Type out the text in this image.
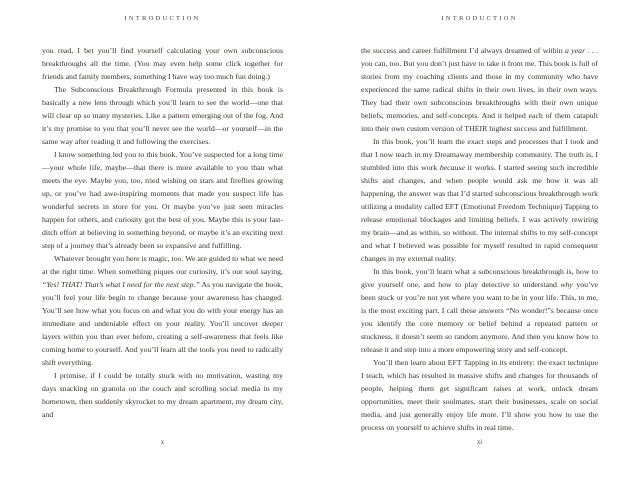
INTRODUCTION

you read, I bet you’ll find yourself calculating your own subconscious breakthroughs all the time. (You may even help some click together for friends and family members, something I have way too much fun doing.)

The Subconscious Breakthrough Formula presented in this book is basically a new lens through which you’ll learn to see the world—one that will clear up so many mysteries. Like a pattern emerging out of the fog. And it’s my promise to you that you’ll never see the world—or yourself—in the same way after reading it and following the exercises.

I know something led you to this book. You’ve suspected for a long time—your whole life, maybe—that there is more available to you than what meets the eye. Maybe you, too, tried wishing on stars and fireflies growing up, or you’ve had awe-inspiring moments that made you suspect life has wonderful secrets in store for you. Or maybe you’ve just seen miracles happen for others, and curiosity got the best of you. Maybe this is your last-ditch effort at believing in something beyond, or maybe it’s an exciting next step of a journey that’s already been so expansive and fulfilling.

Whatever brought you here is magic, too. We are guided to what we need at the right time. When something piques our curiosity, it’s our soul saying, “Yes! THAT! That’s what I need for the next step.” As you navigate the book, you’ll feel your life begin to change because your awareness has changed. You’ll see how what you focus on and what you do with your energy has an immediate and undeniable effect on your reality. You’ll uncover deeper layers within you than ever before, creating a self-awareness that feels like coming home to yourself. And you’ll learn all the tools you need to radically shift everything.

I promise, if I could be totally stuck with no motivation, wasting my days snacking on granola on the couch and scrolling social media in my hometown, then suddenly skyrocket to my dream apartment, my dream city, and

x
INTRODUCTION

the success and career fulfillment I’d always dreamed of within a year . . . you can, too. But you don’t just have to take it from me. This book is full of stories from my coaching clients and those in my community who have experienced the same radical shifts in their own lives, in their own ways. They had their own subconscious breakthroughs with their own unique beliefs, memories, and self-concepts. And it helped each of them catapult into their own custom version of THEIR highest success and fulfillment.

In this book, you’ll learn the exact steps and processes that I took and that I now teach in my Dreamaway membership community. The truth is, I stumbled into this work because it works. I started seeing such incredible shifts and changes, and when people would ask me how it was all happening, the answer was that I’d started subconscious breakthrough work utilizing a modality called EFT (Emotional Freedom Technique) Tapping to release emotional blockages and limiting beliefs. I was actively rewiring my brain—and as within, so without. The internal shifts to my self-concept and what I believed was possible for myself resulted in rapid consequent changes in my external reality.

In this book, you’ll learn what a subconscious breakthrough is, how to give yourself one, and how to play detective to understand why you’ve been stuck or you’re not yet where you want to be in your life. This, to me, is the most exciting part. I call these answers “No wonder!”s because once you identify the core memory or belief behind a repeated pattern or stuckness, it doesn’t seem so random anymore. And then you know how to release it and step into a more empowering story and self-concept.

You’ll then learn about EFT Tapping in its entirety: the exact technique I teach, which has resulted in massive shifts and changes for thousands of people, helping them get significant raises at work, unlock dream opportunities, meet their soulmates, start their businesses, scale on social media, and just generally enjoy life more. I’ll show you how to use the process on yourself to achieve shifts in real time.

xi
